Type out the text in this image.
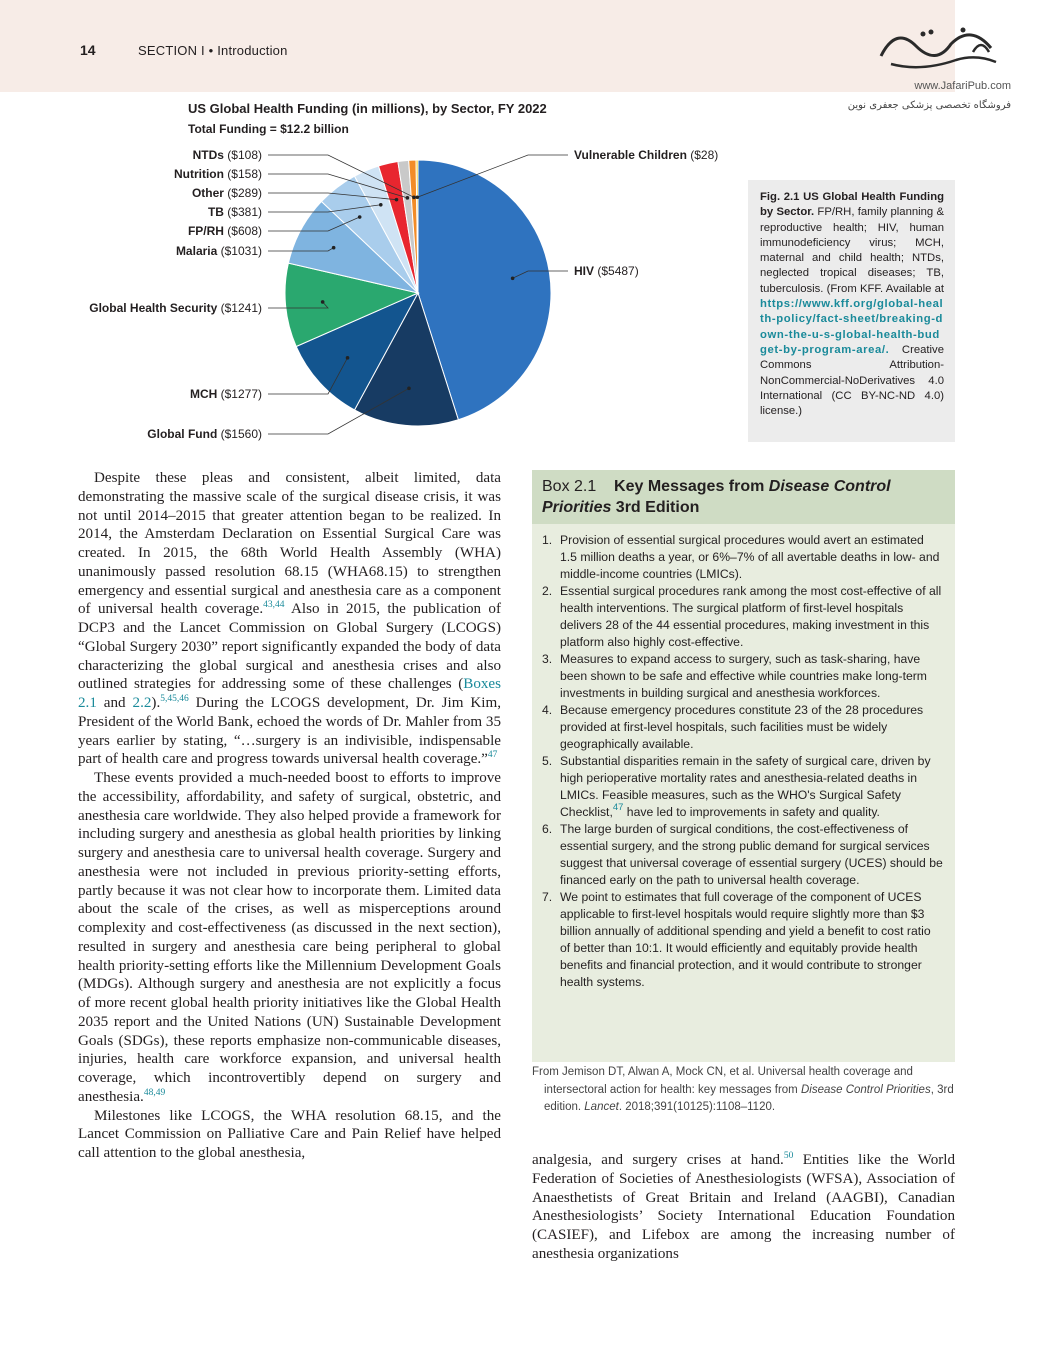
14	SECTION I • Introduction
www.JafariPub.com
فروشگاه تخصصی پزشکی جعفری نوین
US Global Health Funding (in millions), by Sector, FY 2022
Total Funding = $12.2 billion
HIV ($5487)
Global Fund ($1560)
MCH ($1277)
Global Health Security ($1241)
Malaria ($1031)
FP/RH ($608)
TB ($381)
Other ($289)
Nutrition ($158)
NTDs ($108)	Vulnerable Children ($28)
Fig. 2.1 US Global Health Funding by Sector. FP/RH, family planning & reproductive health; HIV, human immunodeficiency virus; MCH, maternal and child health; NTDs, neglected tropical diseases; TB, tuberculosis. (From KFF. Available at https://www.kff.org/global-health-policy/fact-sheet/breaking-down-the-u-s-global-health-budget-by-program-area/. Creative Commons Attribution-NonCommercial-NoDerivatives 4.0 International (CC BY-NC-ND 4.0) license.)

Despite these pleas and consistent, albeit limited, data demonstrating the massive scale of the surgical disease crisis, it was not until 2014–2015 that greater attention began to be realized. In 2014, the Amsterdam Declaration on Essential Surgical Care was created. In 2015, the 68th World Health Assembly (WHA) unanimously passed resolution 68.15 (WHA68.15) to strengthen emergency and essential surgical and anesthesia care as a component of universal health coverage.$^{43,44}$ Also in 2015, the publication of DCP3 and the Lancet Commission on Global Surgery (LCOGS) “Global Surgery 2030” report significantly expanded the body of data characterizing the global surgical and anesthesia crises and also outlined strategies for addressing some of these challenges (Boxes 2.1 and 2.2).$^{5,45,46}$ During the LCOGS development, Dr. Jim Kim, President of the World Bank, echoed the words of Dr. Mahler from 35 years earlier by stating, “…surgery is an indivisible, indispensable part of health care and progress towards universal health coverage.”$^{47}$

These events provided a much-needed boost to efforts to improve the accessibility, affordability, and safety of surgical, obstetric, and anesthesia care worldwide. They also helped provide a framework for including surgery and anesthesia as global health priorities by linking surgery and anesthesia care to universal health coverage. Surgery and anesthesia were not included in previous priority-setting efforts, partly because it was not clear how to incorporate them. Limited data about the scale of the crises, as well as misperceptions around complexity and cost-effectiveness (as discussed in the next section), resulted in surgery and anesthesia care being peripheral to global health priority-setting efforts like the Millennium Development Goals (MDGs). Although surgery and anesthesia are not explicitly a focus of more recent global health priority initiatives like the Global Health 2035 report and the United Nations (UN) Sustainable Development Goals (SDGs), these reports emphasize non-communicable diseases, injuries, health care workforce expansion, and universal health coverage, which incontrovertibly depend on surgery and anesthesia.$^{48,49}$

Milestones like LCOGS, the WHA resolution 68.15, and the Lancet Commission on Palliative Care and Pain Relief have helped call attention to the global anesthesia,

Box 2.1 Key Messages from Disease Control Priorities 3rd Edition
1. Provision of essential surgical procedures would avert an estimated 1.5 million deaths a year, or 6%–7% of all avertable deaths in low- and middle-income countries (LMICs).
2. Essential surgical procedures rank among the most cost-effective of all health interventions. The surgical platform of first-level hospitals delivers 28 of the 44 essential procedures, making investment in this platform also highly cost-effective.
3. Measures to expand access to surgery, such as task-sharing, have been shown to be safe and effective while countries make long-term investments in building surgical and anesthesia workforces.
4. Because emergency procedures constitute 23 of the 28 procedures provided at first-level hospitals, such facilities must be widely geographically available.
5. Substantial disparities remain in the safety of surgical care, driven by high perioperative mortality rates and anesthesia-related deaths in LMICs. Feasible measures, such as the WHO's Surgical Safety Checklist,$^{47}$ have led to improvements in safety and quality.
6. The large burden of surgical conditions, the cost-effectiveness of essential surgery, and the strong public demand for surgical services suggest that universal coverage of essential surgery (UCES) should be financed early on the path to universal health coverage.
7. We point to estimates that full coverage of the component of UCES applicable to first-level hospitals would require slightly more than $3 billion annually of additional spending and yield a benefit to cost ratio of better than 10:1. It would efficiently and equitably provide health benefits and financial protection, and it would contribute to stronger health systems.
From Jemison DT, Alwan A, Mock CN, et al. Universal health coverage and intersectoral action for health: key messages from Disease Control Priorities, 3rd edition. Lancet. 2018;391(10125):1108–1120.

analgesia, and surgery crises at hand.$^{50}$ Entities like the World Federation of Societies of Anesthesiologists (WFSA), Association of Anaesthetists of Great Britain and Ireland (AAGBI), Canadian Anesthesiologists’ Society International Education Foundation (CASIEF), and Lifebox are among the increasing number of anesthesia organizations
